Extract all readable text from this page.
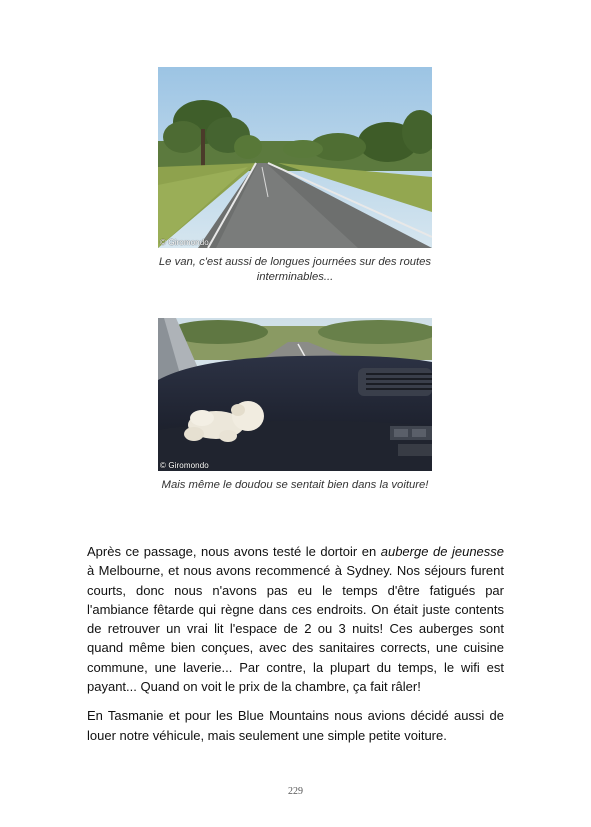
© Giromondo
Le van, c'est aussi de longues journées sur des routes interminables...
© Giromondo
Mais même le doudou se sentait bien dans la voiture!

Après ce passage, nous avons testé le dortoir en auberge de jeunesse à Melbourne, et nous avons recommencé à Sydney. Nos séjours furent courts, donc nous n'avons pas eu le temps d'être fatigués par l'ambiance fêtarde qui règne dans ces endroits. On était juste contents de retrouver un vrai lit l'espace de 2 ou 3 nuits! Ces auberges sont quand même bien conçues, avec des sanitaires corrects, une cuisine commune, une laverie... Par contre, la plupart du temps, le wifi est payant... Quand on voit le prix de la chambre, ça fait râler!

En Tasmanie et pour les Blue Mountains nous avions décidé aussi de louer notre véhicule, mais seulement une simple petite voiture.

229
